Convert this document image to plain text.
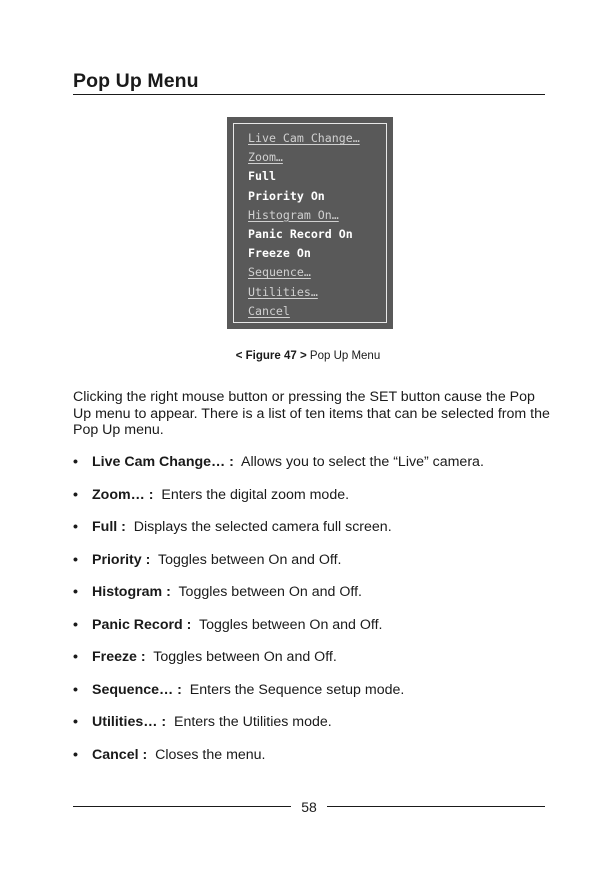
Pop Up Menu
Live Cam Change…
Zoom…
Full
Priority On
Histogram On…
Panic Record On
Freeze On
Sequence…
Utilities…
Cancel
< Figure 47 > Pop Up Menu

Clicking the right mouse button or pressing the SET button cause the Pop Up menu to appear. There is a list of ten items that can be selected from the Pop Up menu.

• Live Cam Change… : Allows you to select the “Live” camera.
• Zoom… : Enters the digital zoom mode.
• Full : Displays the selected camera full screen.
• Priority : Toggles between On and Off.
• Histogram : Toggles between On and Off.
• Panic Record : Toggles between On and Off.
• Freeze : Toggles between On and Off.
• Sequence… : Enters the Sequence setup mode.
• Utilities… : Enters the Utilities mode.
• Cancel : Closes the menu.
58
